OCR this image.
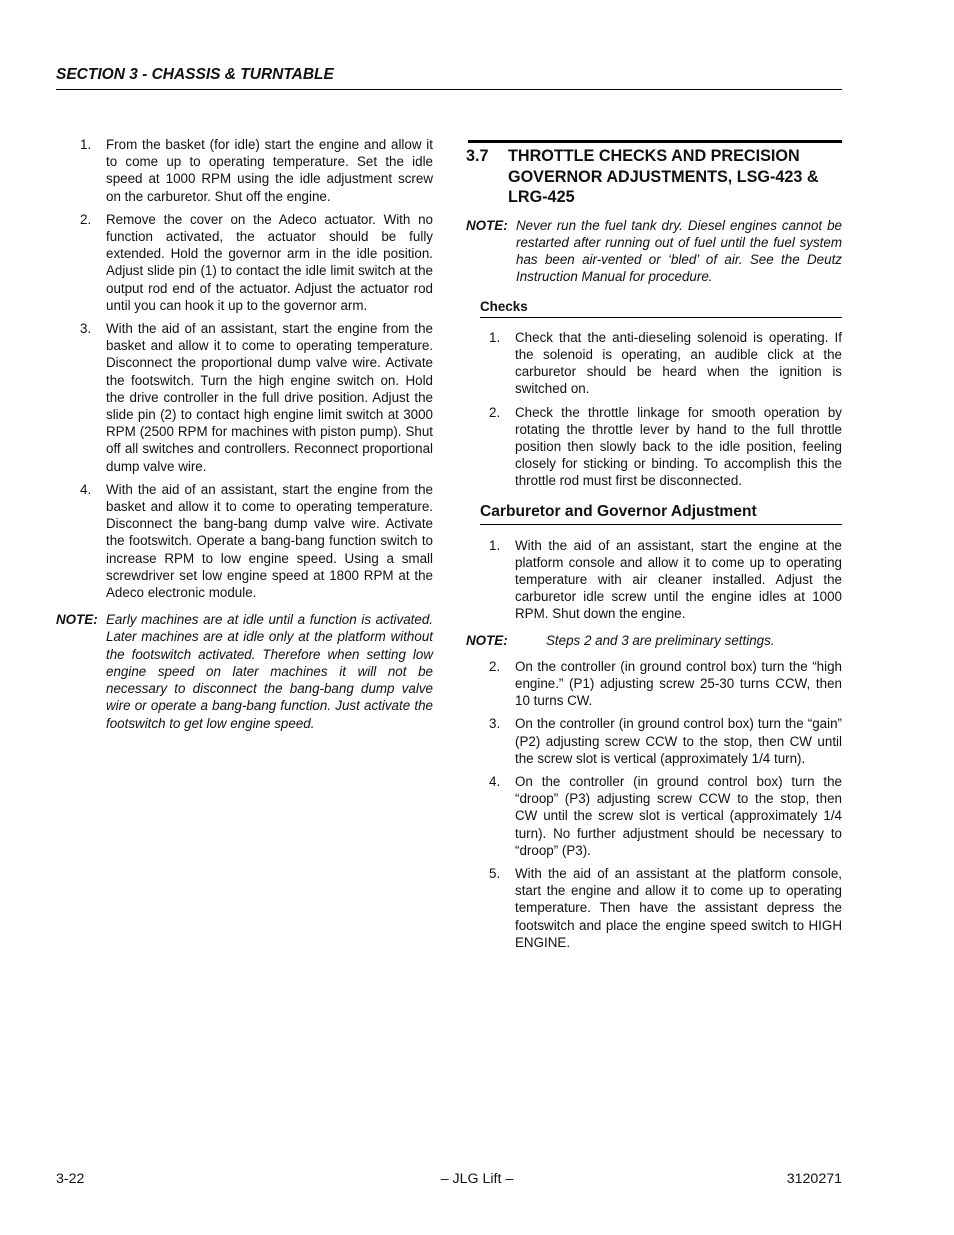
SECTION 3 - CHASSIS & TURNTABLE
1.	From the basket (for idle) start the engine and allow it to come up to operating temperature. Set the idle speed at 1000 RPM using the idle adjustment screw on the carburetor. Shut off the engine.
2.	Remove the cover on the Adeco actuator. With no function activated, the actuator should be fully extended. Hold the governor arm in the idle position. Adjust slide pin (1) to contact the idle limit switch at the output rod end of the actuator. Adjust the actuator rod until you can hook it up to the governor arm.
3.	With the aid of an assistant, start the engine from the basket and allow it to come to operating temperature. Disconnect the proportional dump valve wire. Activate the footswitch. Turn the high engine switch on. Hold the drive controller in the full drive position. Adjust the slide pin (2) to contact high engine limit switch at 3000 RPM (2500 RPM for machines with piston pump). Shut off all switches and controllers. Reconnect proportional dump valve wire.
4.	With the aid of an assistant, start the engine from the basket and allow it to come to operating temperature. Disconnect the bang-bang dump valve wire. Activate the footswitch. Operate a bang-bang function switch to increase RPM to low engine speed. Using a small screwdriver set low engine speed at 1800 RPM at the Adeco electronic module.
NOTE: Early machines are at idle until a function is activated. Later machines are at idle only at the platform without the footswitch activated. Therefore when setting low engine speed on later machines it will not be necessary to disconnect the bang-bang dump valve wire or operate a bang-bang function. Just activate the footswitch to get low engine speed.
3.7	THROTTLE CHECKS AND PRECISION GOVERNOR ADJUSTMENTS, LSG-423 & LRG-425
NOTE: Never run the fuel tank dry. Diesel engines cannot be restarted after running out of fuel until the fuel system has been air-vented or ‘bled’ of air. See the Deutz Instruction Manual for procedure.
Checks
1.	Check that the anti-dieseling solenoid is operating. If the solenoid is operating, an audible click at the carburetor should be heard when the ignition is switched on.
2.	Check the throttle linkage for smooth operation by rotating the throttle lever by hand to the full throttle position then slowly back to the idle position, feeling closely for sticking or binding. To accomplish this the throttle rod must first be disconnected.
Carburetor and Governor Adjustment
1.	With the aid of an assistant, start the engine at the platform console and allow it to come up to operating temperature with air cleaner installed. Adjust the carburetor idle screw until the engine idles at 1000 RPM. Shut down the engine.
NOTE:	Steps 2 and 3 are preliminary settings.
2.	On the controller (in ground control box) turn the “high engine.” (P1) adjusting screw 25-30 turns CCW, then 10 turns CW.
3.	On the controller (in ground control box) turn the “gain” (P2) adjusting screw CCW to the stop, then CW until the screw slot is vertical (approximately 1/4 turn).
4.	On the controller (in ground control box) turn the “droop” (P3) adjusting screw CCW to the stop, then CW until the screw slot is vertical (approximately 1/4 turn). No further adjustment should be necessary to “droop” (P3).
5.	With the aid of an assistant at the platform console, start the engine and allow it to come up to operating temperature. Then have the assistant depress the footswitch and place the engine speed switch to HIGH ENGINE.
3-22	– JLG Lift –	3120271
